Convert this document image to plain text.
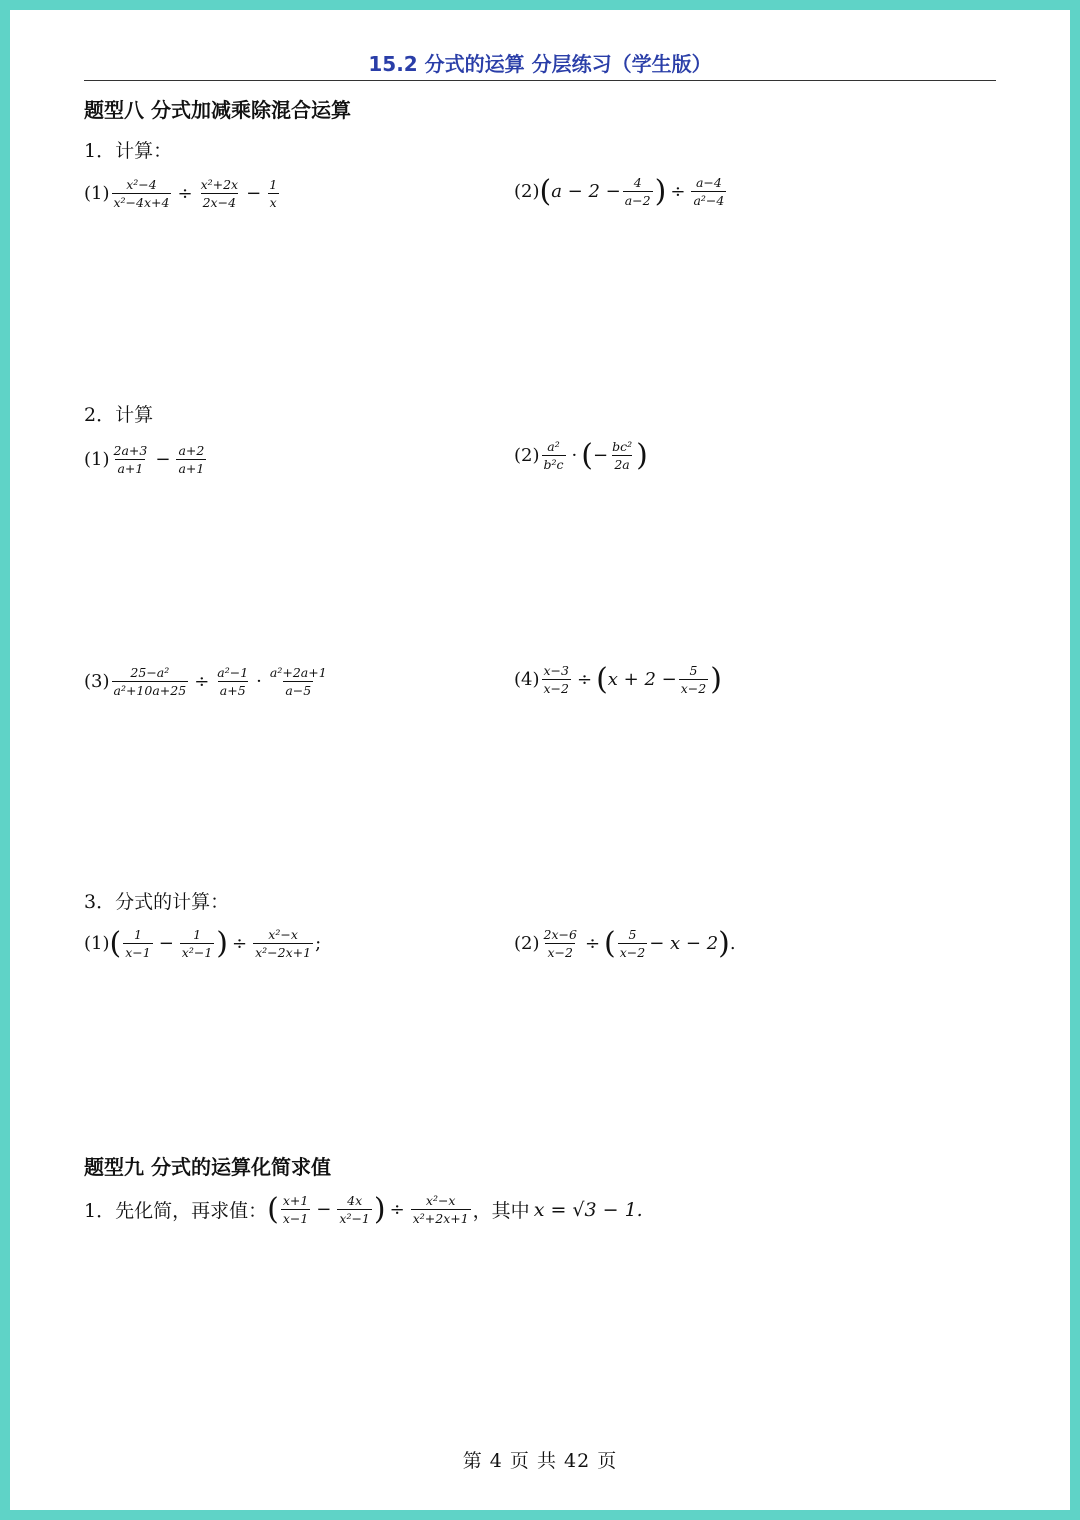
15.2 分式的运算 分层练习（学生版）
题型八 分式加减乘除混合运算
1．计算：
$(1) \frac{\text{x²−4}}{\text{x²−4x+4}} \div \frac{\text{x²+2x}}{2x-4} - \frac{1}{x}$	(2) ( $a - 2 - \frac{4}{a-2}$ ) ÷ $\frac{a-4}{\text{a²−4}}$
2．计算
$(1) \frac{2a+3}{a+1} - \frac{a+2}{a+1}$	$(2) \frac{\text{a²}}{\text{b²c}}$ · ( − $\frac{\text{bc²}}{2a}$ )
$(3) \frac{\text{25−a²}}{\text{a²+10a+25}} \div \frac{\text{a²−1}}{a+5} \cdot \frac{\text{a²+2a+1}}{a-5}$	$(4) \frac{x-3}{x-2}$ ÷ ( $x + 2 - \frac{5}{x-2}$ )
3．分式的计算：
(1) ( $\frac{1}{x-1} - \frac{1}{\text{x²−1}}$ ) ÷ $\frac{\text{x²−x}}{\text{x²−2x+1}}$ ;	$(2) \frac{2x-6}{x-2}$ ÷ ( $\frac{5}{x-2} - x - 2$ ) .
题型九 分式的运算化简求值
1．先化简，再求值： ( $\frac{x+1}{x-1} - \frac{4x}{\text{x²−1}}$ ) ÷ $\frac{\text{x²−x}}{\text{x²+2x+1}}$ ，其中 x = √3 − 1.
第 4 页 共 42 页
